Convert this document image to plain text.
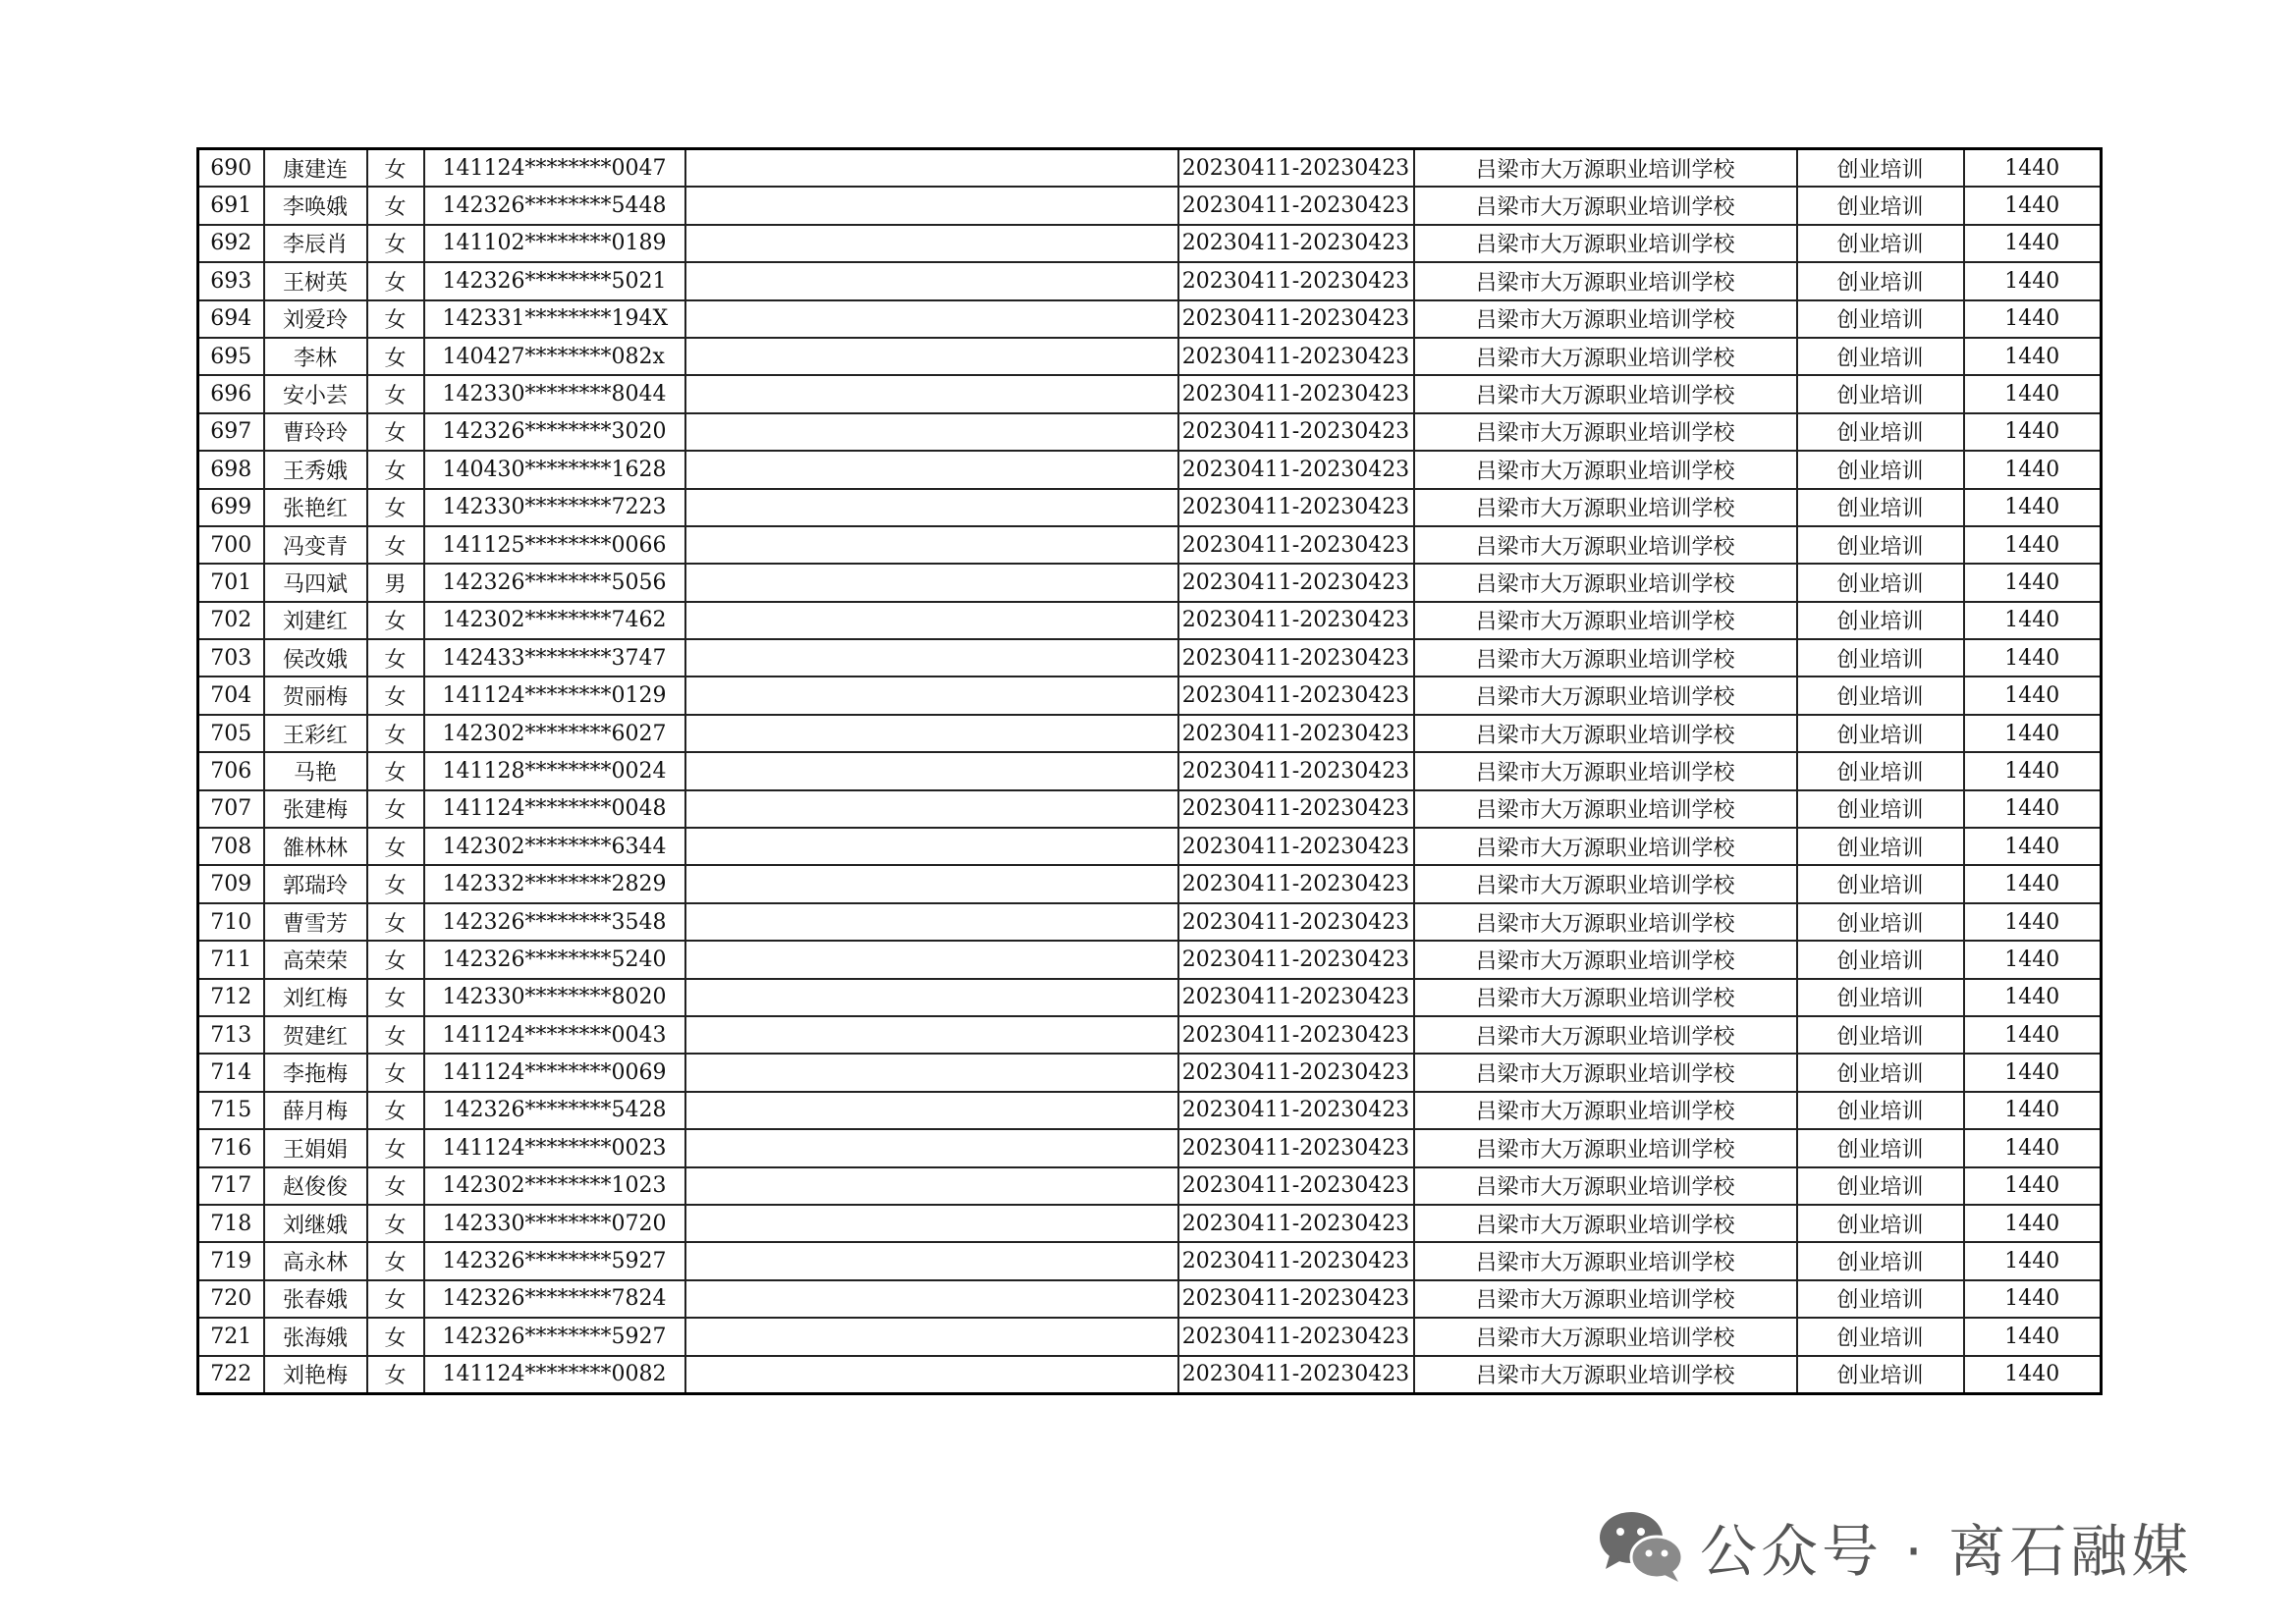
690	康建连	女	141124********0047		20230411-20230423	吕梁市大万源职业培训学校	创业培训	1440
691	李唤娥	女	142326********5448		20230411-20230423	吕梁市大万源职业培训学校	创业培训	1440
692	李辰肖	女	141102********0189		20230411-20230423	吕梁市大万源职业培训学校	创业培训	1440
693	王树英	女	142326********5021		20230411-20230423	吕梁市大万源职业培训学校	创业培训	1440
694	刘爱玲	女	142331********194X		20230411-20230423	吕梁市大万源职业培训学校	创业培训	1440
695	李林	女	140427********082x		20230411-20230423	吕梁市大万源职业培训学校	创业培训	1440
696	安小芸	女	142330********8044		20230411-20230423	吕梁市大万源职业培训学校	创业培训	1440
697	曹玲玲	女	142326********3020		20230411-20230423	吕梁市大万源职业培训学校	创业培训	1440
698	王秀娥	女	140430********1628		20230411-20230423	吕梁市大万源职业培训学校	创业培训	1440
699	张艳红	女	142330********7223		20230411-20230423	吕梁市大万源职业培训学校	创业培训	1440
700	冯变青	女	141125********0066		20230411-20230423	吕梁市大万源职业培训学校	创业培训	1440
701	马四斌	男	142326********5056		20230411-20230423	吕梁市大万源职业培训学校	创业培训	1440
702	刘建红	女	142302********7462		20230411-20230423	吕梁市大万源职业培训学校	创业培训	1440
703	侯改娥	女	142433********3747		20230411-20230423	吕梁市大万源职业培训学校	创业培训	1440
704	贺丽梅	女	141124********0129		20230411-20230423	吕梁市大万源职业培训学校	创业培训	1440
705	王彩红	女	142302********6027		20230411-20230423	吕梁市大万源职业培训学校	创业培训	1440
706	马艳	女	141128********0024		20230411-20230423	吕梁市大万源职业培训学校	创业培训	1440
707	张建梅	女	141124********0048		20230411-20230423	吕梁市大万源职业培训学校	创业培训	1440
708	雒林林	女	142302********6344		20230411-20230423	吕梁市大万源职业培训学校	创业培训	1440
709	郭瑞玲	女	142332********2829		20230411-20230423	吕梁市大万源职业培训学校	创业培训	1440
710	曹雪芳	女	142326********3548		20230411-20230423	吕梁市大万源职业培训学校	创业培训	1440
711	高荣荣	女	142326********5240		20230411-20230423	吕梁市大万源职业培训学校	创业培训	1440
712	刘红梅	女	142330********8020		20230411-20230423	吕梁市大万源职业培训学校	创业培训	1440
713	贺建红	女	141124********0043		20230411-20230423	吕梁市大万源职业培训学校	创业培训	1440
714	李拖梅	女	141124********0069		20230411-20230423	吕梁市大万源职业培训学校	创业培训	1440
715	薛月梅	女	142326********5428		20230411-20230423	吕梁市大万源职业培训学校	创业培训	1440
716	王娟娟	女	141124********0023		20230411-20230423	吕梁市大万源职业培训学校	创业培训	1440
717	赵俊俊	女	142302********1023		20230411-20230423	吕梁市大万源职业培训学校	创业培训	1440
718	刘继娥	女	142330********0720		20230411-20230423	吕梁市大万源职业培训学校	创业培训	1440
719	高永林	女	142326********5927		20230411-20230423	吕梁市大万源职业培训学校	创业培训	1440
720	张春娥	女	142326********7824		20230411-20230423	吕梁市大万源职业培训学校	创业培训	1440
721	张海娥	女	142326********5927		20230411-20230423	吕梁市大万源职业培训学校	创业培训	1440
722	刘艳梅	女	141124********0082		20230411-20230423	吕梁市大万源职业培训学校	创业培训	1440
公众号 · 离石融媒
